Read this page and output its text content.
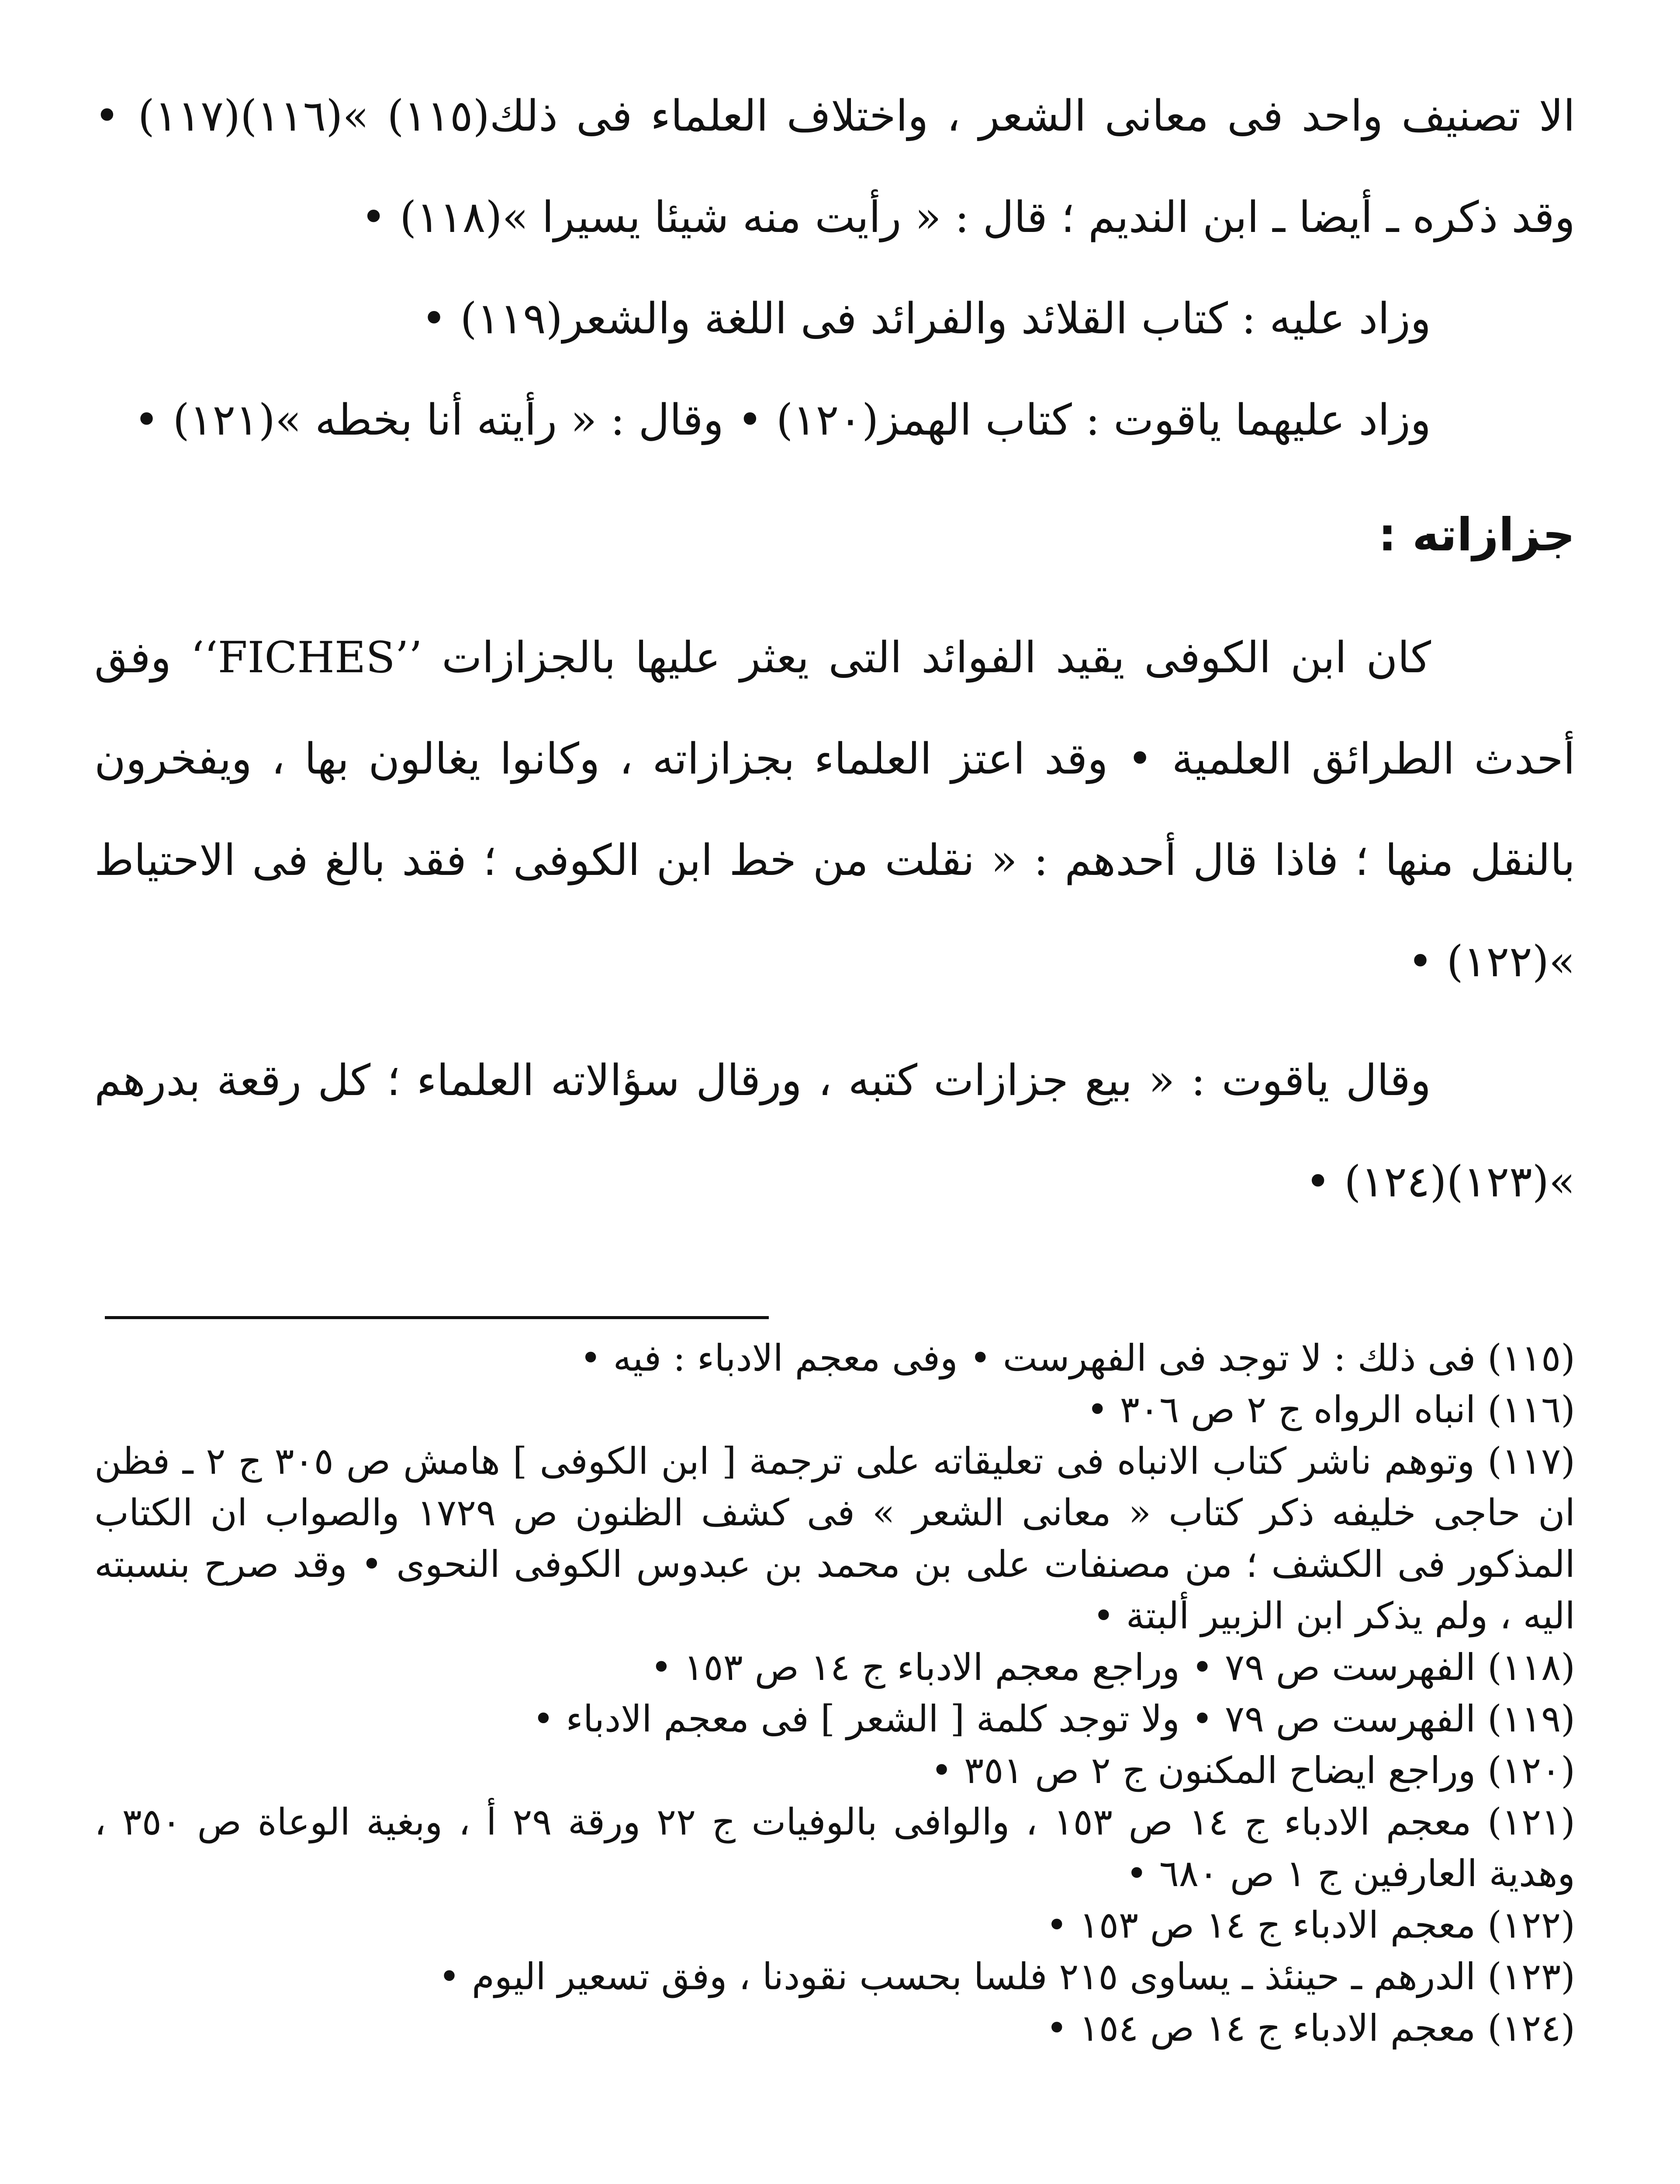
الا تصنيف واحد فى معانى الشعر ، واختلاف العلماء فى ذلك(١١٥) »(١١٦)(١١٧) • وقد ذكره ـ أيضا ـ ابن النديم ؛ قال : « رأيت منه شيئا يسيرا »(١١٨) •

وزاد عليه : كتاب القلائد والفرائد فى اللغة والشعر(١١٩) •

وزاد عليهما ياقوت : كتاب الهمز(١٢٠) • وقال : « رأيته أنا بخطه »(١٢١) •

جزازاته :

كان ابن الكوفى يقيد الفوائد التى يعثر عليها بالجزازات ’’FICHES‘‘ وفق أحدث الطرائق العلمية • وقد اعتز العلماء بجزازاته ، وكانوا يغالون بها ، ويفخرون بالنقل منها ؛ فاذا قال أحدهم : « نقلت من خط ابن الكوفى ؛ فقد بالغ فى الاحتياط »(١٢٢) •

وقال ياقوت : « بيع جزازات كتبه ، ورقال سؤالاته العلماء ؛ كل رقعة بدرهم »(١٢٣)(١٢٤) •

(١١٥) فى ذلك : لا توجد فى الفهرست • وفى معجم الادباء : فيه •

(١١٦) انباه الرواه ج ٢ ص ٣٠٦ •

(١١٧) وتوهم ناشر كتاب الانباه فى تعليقاته على ترجمة [ ابن الكوفى ] هامش ص ٣٠٥ ج ٢ ـ فظن ان حاجى خليفه ذكر كتاب « معانى الشعر » فى كشف الظنون ص ١٧٢٩ والصواب ان الكتاب المذكور فى الكشف ؛ من مصنفات على بن محمد بن عبدوس الكوفى النحوى • وقد صرح بنسبته اليه ، ولم يذكر ابن الزبير ألبتة •

(١١٨) الفهرست ص ٧٩ • وراجع معجم الادباء ج ١٤ ص ١٥٣ •

(١١٩) الفهرست ص ٧٩ • ولا توجد كلمة [ الشعر ] فى معجم الادباء •

(١٢٠) وراجع ايضاح المكنون ج ٢ ص ٣٥١ •

(١٢١) معجم الادباء ج ١٤ ص ١٥٣ ، والوافى بالوفيات ج ٢٢ ورقة ٢٩ أ ، وبغية الوعاة ص ٣٥٠ ، وهدية العارفين ج ١ ص ٦٨٠ •

(١٢٢) معجم الادباء ج ١٤ ص ١٥٣ •

(١٢٣) الدرهم ـ حينئذ ـ يساوى ٢١٥ فلسا بحسب نقودنا ، وفق تسعير اليوم •

(١٢٤) معجم الادباء ج ١٤ ص ١٥٤ •
